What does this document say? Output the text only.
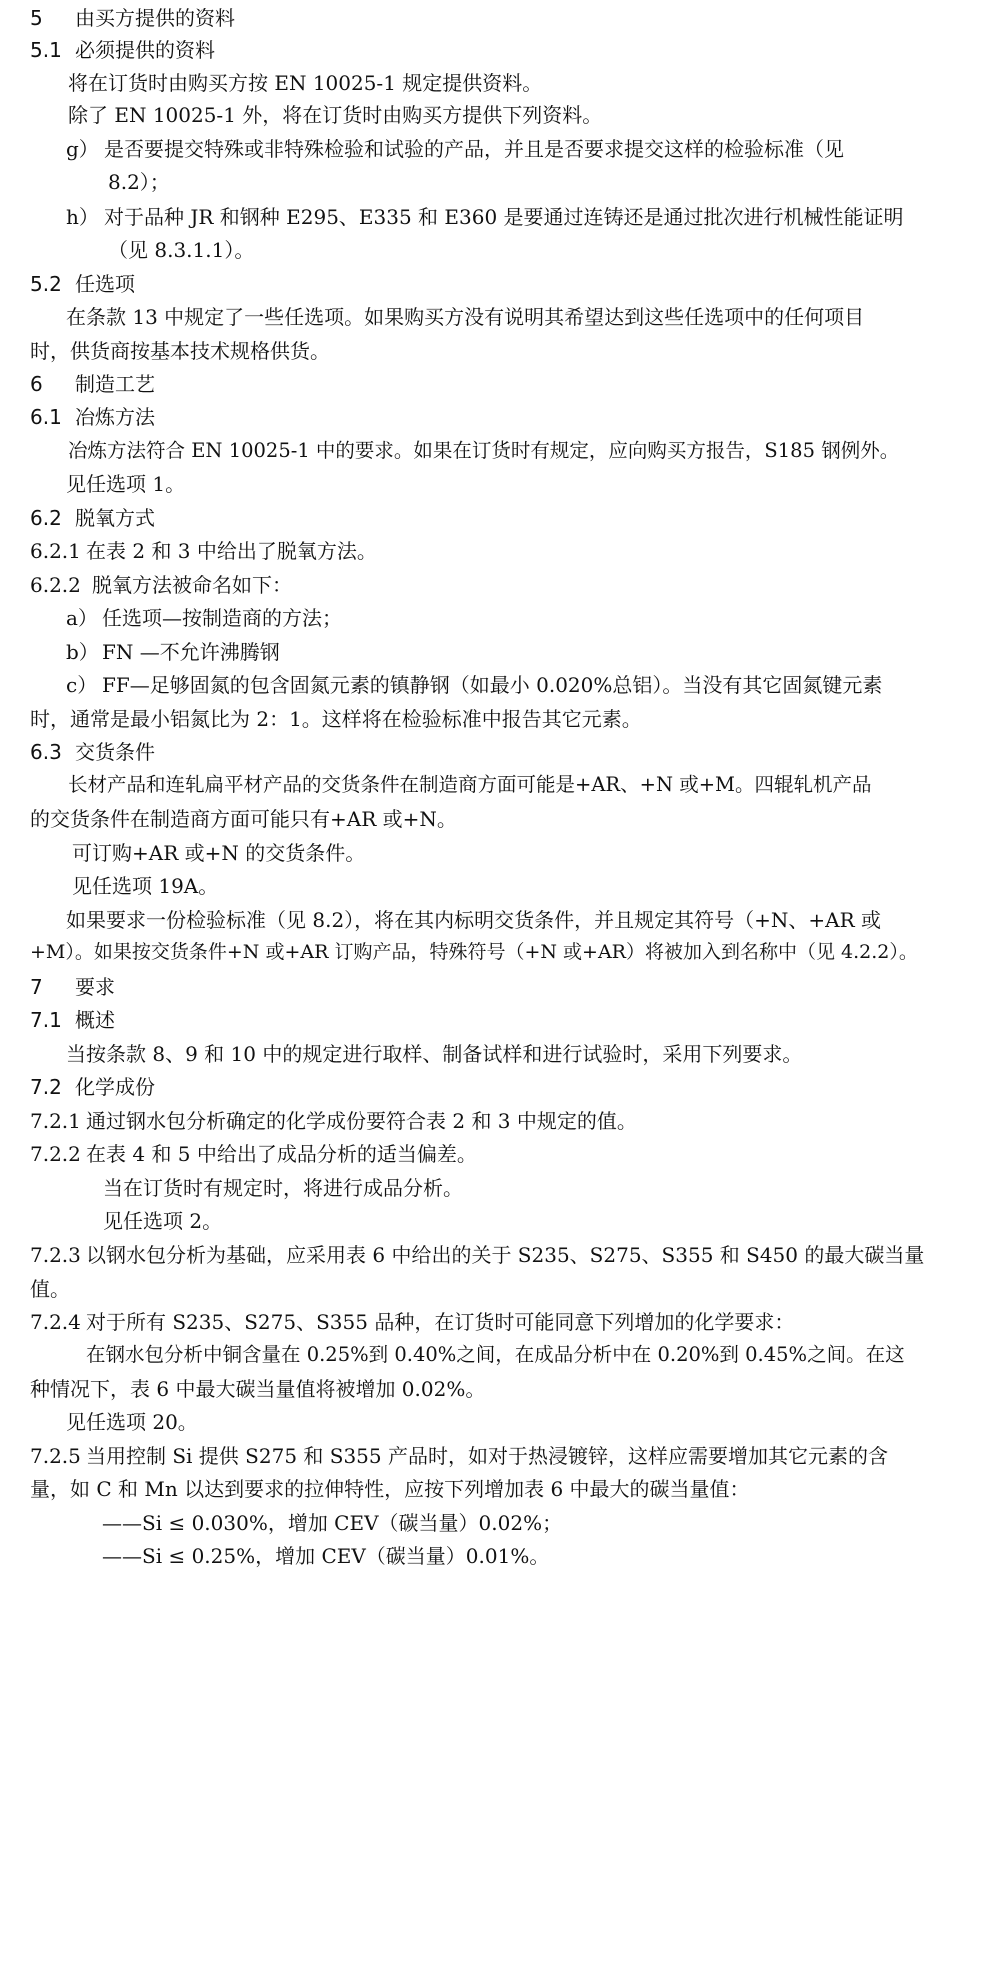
5 由买方提供的资料
5.1 必须提供的资料
将在订货时由购买方按 EN 10025-1 规定提供资料。
除了 EN 10025-1 外，将在订货时由购买方提供下列资料。
g） 是否要提交特殊或非特殊检验和试验的产品，并且是否要求提交这样的检验标准（见
8.2）；
h） 对于品种 JR 和钢种 E295、E335 和 E360 是要通过连铸还是通过批次进行机械性能证明
（见 8.3.1.1）。
5.2 任选项
在条款 13 中规定了一些任选项。如果购买方没有说明其希望达到这些任选项中的任何项目
时，供货商按基本技术规格供货。
6 制造工艺
6.1 冶炼方法
冶炼方法符合 EN 10025-1 中的要求。如果在订货时有规定，应向购买方报告，S185 钢例外。
见任选项 1。
6.2 脱氧方式
6.2.1 在表 2 和 3 中给出了脱氧方法。
6.2.2 脱氧方法被命名如下：
a） 任选项—按制造商的方法；
b） FN —不允许沸腾钢
c） FF—足够固氮的包含固氮元素的镇静钢（如最小 0.020%总铝）。当没有其它固氮键元素
时，通常是最小铝氮比为 2：1。这样将在检验标准中报告其它元素。
6.3 交货条件
长材产品和连轧扁平材产品的交货条件在制造商方面可能是+AR、+N 或+M。四辊轧机产品
的交货条件在制造商方面可能只有+AR 或+N。
可订购+AR 或+N 的交货条件。
见任选项 19A。
如果要求一份检验标准（见 8.2），将在其内标明交货条件，并且规定其符号（+N、+AR 或
+M）。如果按交货条件+N 或+AR 订购产品，特殊符号（+N 或+AR）将被加入到名称中（见 4.2.2）。
7 要求
7.1 概述
当按条款 8、9 和 10 中的规定进行取样、制备试样和进行试验时，采用下列要求。
7.2 化学成份
7.2.1 通过钢水包分析确定的化学成份要符合表 2 和 3 中规定的值。
7.2.2 在表 4 和 5 中给出了成品分析的适当偏差。
当在订货时有规定时，将进行成品分析。
见任选项 2。
7.2.3 以钢水包分析为基础，应采用表 6 中给出的关于 S235、S275、S355 和 S450 的最大碳当量
值。
7.2.4 对于所有 S235、S275、S355 品种，在订货时可能同意下列增加的化学要求：
在钢水包分析中铜含量在 0.25%到 0.40%之间，在成品分析中在 0.20%到 0.45%之间。在这
种情况下，表 6 中最大碳当量值将被增加 0.02%。
见任选项 20。
7.2.5 当用控制 Si 提供 S275 和 S355 产品时，如对于热浸镀锌，这样应需要增加其它元素的含
量，如 C 和 Mn 以达到要求的拉伸特性，应按下列增加表 6 中最大的碳当量值：
——Si ≤ 0.030%，增加 CEV（碳当量）0.02%；
——Si ≤ 0.25%，增加 CEV（碳当量）0.01%。
